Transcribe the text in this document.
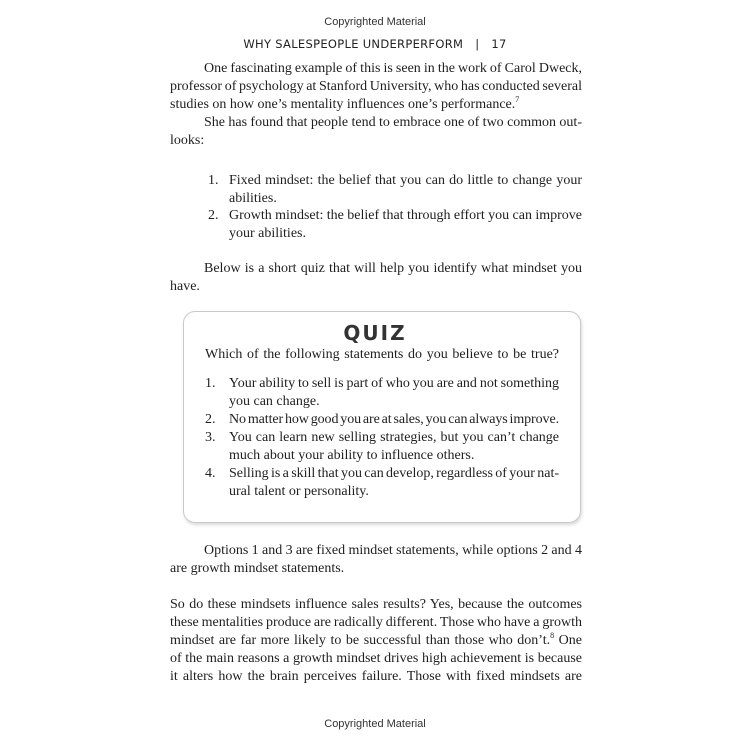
Copyrighted Material
WHY SALESPEOPLE UNDERPERFORM | 17
One fascinating example of this is seen in the work of Carol Dweck,
professor of psychology at Stanford University, who has conducted several
studies on how one’s mentality influences one’s performance.$^7$
She has found that people tend to embrace one of two common out-
looks:
1. Fixed mindset: the belief that you can do little to change your
abilities.
2. Growth mindset: the belief that through effort you can improve
your abilities.
Below is a short quiz that will help you identify what mindset you
have.
QUIZ
Which of the following statements do you believe to be true?
1. Your ability to sell is part of who you are and not something
you can change.
2. No matter how good you are at sales, you can always improve.
3. You can learn new selling strategies, but you can’t change
much about your ability to influence others.
4. Selling is a skill that you can develop, regardless of your nat-
ural talent or personality.
Options 1 and 3 are fixed mindset statements, while options 2 and 4
are growth mindset statements.
So do these mindsets influence sales results? Yes, because the outcomes
these mentalities produce are radically different. Those who have a growth
mindset are far more likely to be successful than those who don’t.$^8$ One
of the main reasons a growth mindset drives high achievement is because
it alters how the brain perceives failure. Those with fixed mindsets are
Copyrighted Material
